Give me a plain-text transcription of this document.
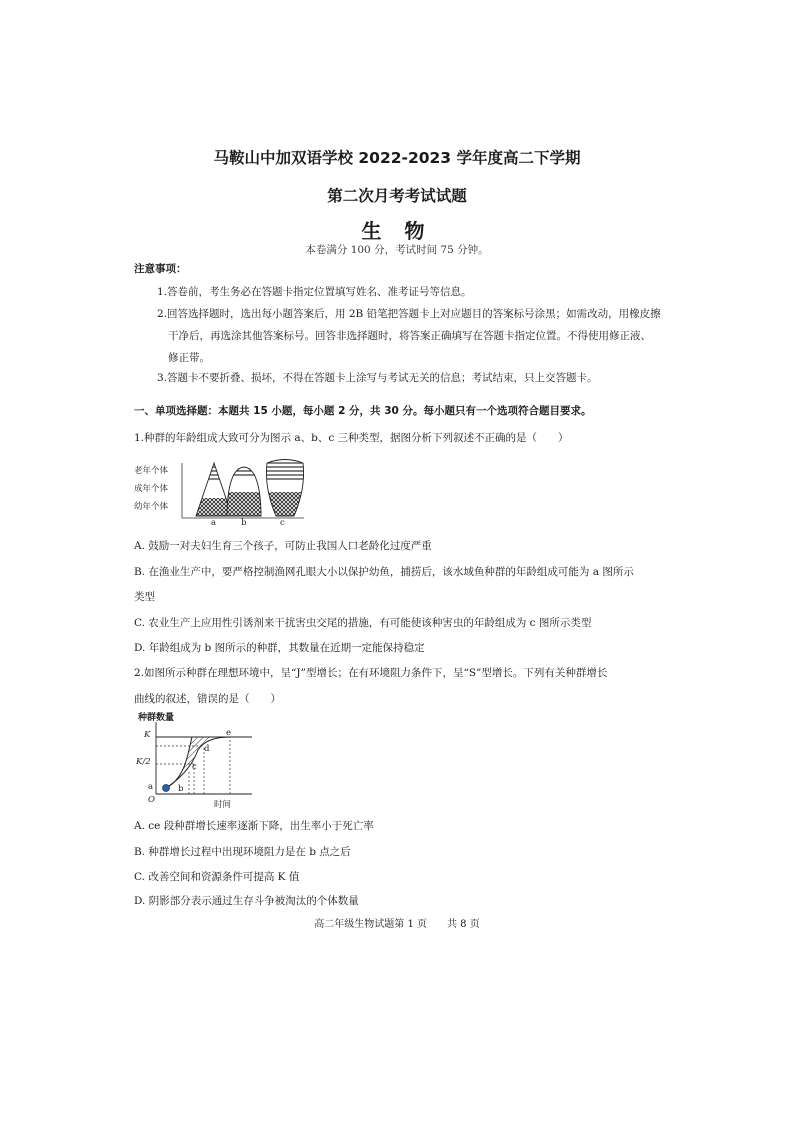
马鞍山中加双语学校 2022-2023 学年度高二下学期
第二次月考考试试题
生 物
本卷满分 100 分，考试时间 75 分钟。
注意事项：
1.答卷前，考生务必在答题卡指定位置填写姓名、准考证号等信息。
2.回答选择题时，选出每小题答案后，用 2B 铅笔把答题卡上对应题目的答案标号涂黑；如需改动，用橡皮擦
干净后，再选涂其他答案标号。回答非选择题时，将答案正确填写在答题卡指定位置。不得使用修正液、
修正带。
3.答题卡不要折叠、损坏，不得在答题卡上涂写与考试无关的信息；考试结束，只上交答题卡。
一、单项选择题：本题共 15 小题，每小题 2 分，共 30 分。每小题只有一个选项符合题目要求。
1.种群的年龄组成大致可分为图示 a、b、c 三种类型，据图分析下列叙述不正确的是（　　）
老年个体
成年个体
幼年个体
a	b	c
A. 鼓励一对夫妇生育三个孩子，可防止我国人口老龄化过度严重
B. 在渔业生产中，要严格控制渔网孔眼大小以保护幼鱼，捕捞后，该水域鱼种群的年龄组成可能为 a 图所示
类型
C. 农业生产上应用性引诱剂来干扰害虫交尾的措施，有可能使该种害虫的年龄组成为 c 图所示类型
D. 年龄组成为 b 图所示的种群，其数量在近期一定能保持稳定
2.如图所示种群在理想环境中，呈“J”型增长；在有环境阻力条件下，呈“S”型增长。下列有关种群增长
曲线的叙述，错误的是（　　）
种群数量
时间
K
K/2
O
a	b
c
d
e
A. ce 段种群增长速率逐渐下降，出生率小于死亡率
B. 种群增长过程中出现环境阻力是在 b 点之后
C. 改善空间和资源条件可提高 K 值
D. 阴影部分表示通过生存斗争被淘汰的个体数量
高二年级生物试题第 1 页　　共 8 页
